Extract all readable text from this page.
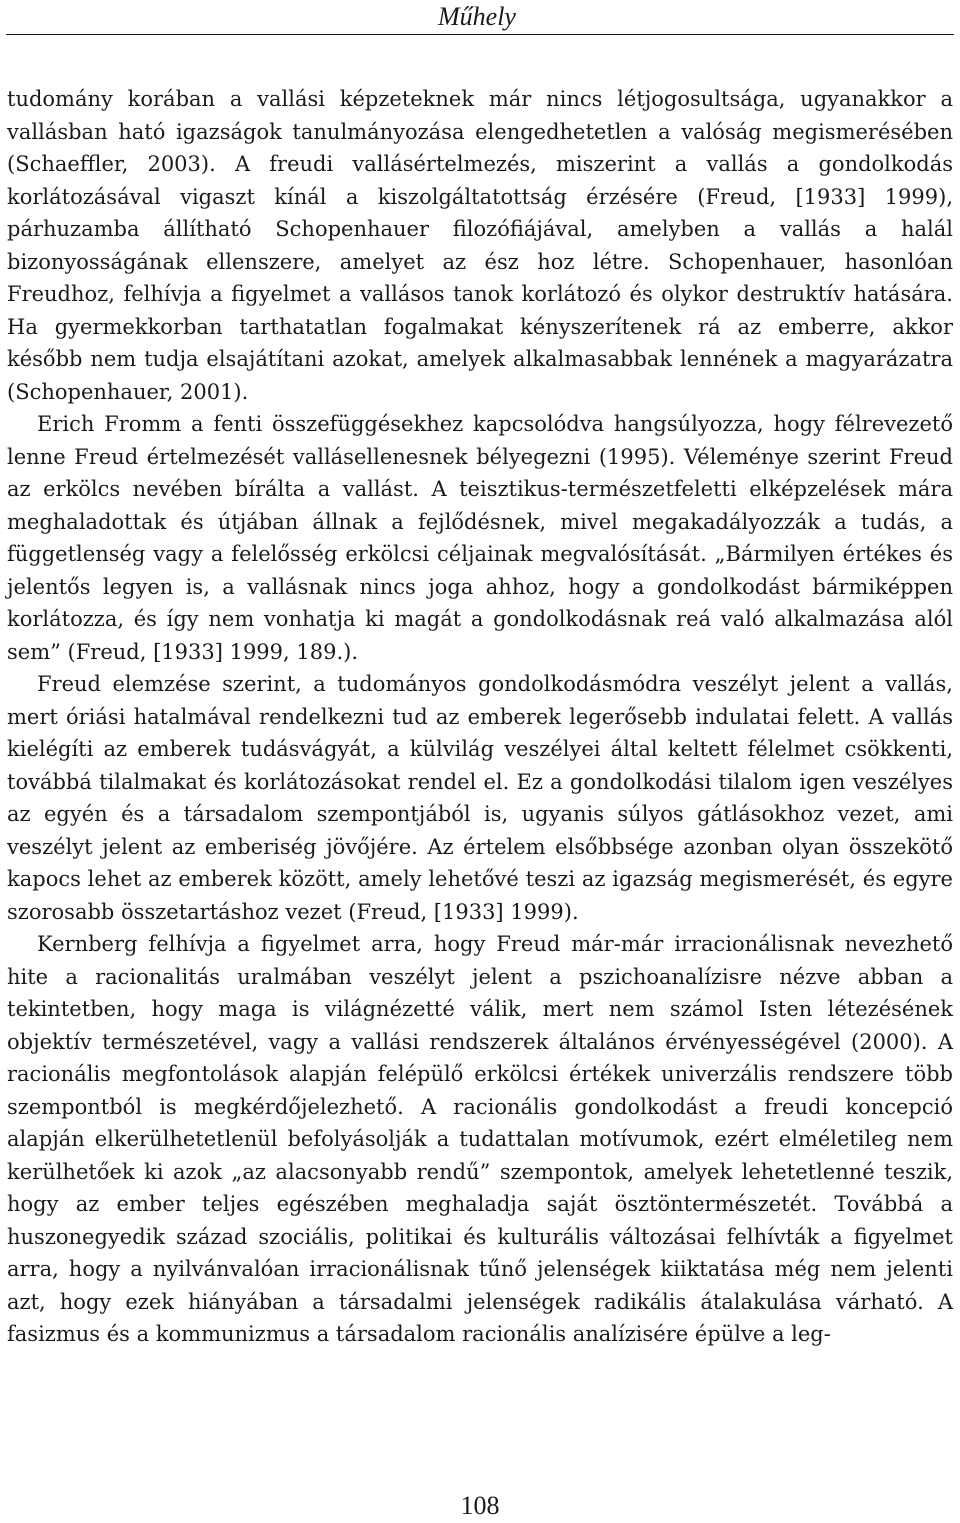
Műhely

tudomány korában a vallási képzeteknek már nincs létjogosultsága, ugyanakkor a vallásban ható igazságok tanulmányozása elengedhetetlen a valóság megismerésében (Schaeffler, 2003). A freudi vallásértelmezés, miszerint a vallás a gondolkodás korlátozásával vigaszt kínál a kiszolgáltatottság érzésére (Freud, [1933] 1999), párhuzamba állítható Schopenhauer filozófiájával, amelyben a vallás a halál bizonyosságának ellenszere, amelyet az ész hoz létre. Schopenhauer, hasonlóan Freudhoz, felhívja a figyelmet a vallásos tanok korlátozó és olykor destruktív hatására. Ha gyermekkorban tarthatatlan fogalmakat kényszerítenek rá az emberre, akkor később nem tudja elsajátítani azokat, amelyek alkalmasabbak lennének a magyarázatra (Schopenhauer, 2001).

Erich Fromm a fenti összefüggésekhez kapcsolódva hangsúlyozza, hogy félrevezető lenne Freud értelmezését vallásellenesnek bélyegezni (1995). Véleménye szerint Freud az erkölcs nevében bírálta a vallást. A teisztikus-természetfeletti elképzelések mára meghaladottak és útjában állnak a fejlődésnek, mivel megakadályozzák a tudás, a függetlenség vagy a felelősség erkölcsi céljainak megvalósítását. „Bármilyen értékes és jelentős legyen is, a vallásnak nincs joga ahhoz, hogy a gondolkodást bármiképpen korlátozza, és így nem vonhatja ki magát a gondolkodásnak reá való alkalmazása alól sem” (Freud, [1933] 1999, 189.).

Freud elemzése szerint, a tudományos gondolkodásmódra veszélyt jelent a vallás, mert óriási hatalmával rendelkezni tud az emberek legerősebb indulatai felett. A vallás kielégíti az emberek tudásvágyát, a külvilág veszélyei által keltett félelmet csökkenti, továbbá tilalmakat és korlátozásokat rendel el. Ez a gondolkodási tilalom igen veszélyes az egyén és a társadalom szempontjából is, ugyanis súlyos gátlásokhoz vezet, ami veszélyt jelent az emberiség jövőjére. Az értelem elsőbbsége azonban olyan összekötő kapocs lehet az emberek között, amely lehetővé teszi az igazság megismerését, és egyre szorosabb összetartáshoz vezet (Freud, [1933] 1999).

Kernberg felhívja a figyelmet arra, hogy Freud már-már irracionálisnak nevezhető hite a racionalitás uralmában veszélyt jelent a pszichoanalízisre nézve abban a tekintetben, hogy maga is világnézetté válik, mert nem számol Isten létezésének objektív természetével, vagy a vallási rendszerek általános érvényességével (2000). A racionális megfontolások alapján felépülő erkölcsi értékek univerzális rendszere több szempontból is megkérdőjelezhető. A racionális gondolkodást a freudi koncepció alapján elkerülhetetlenül befolyásolják a tudattalan motívumok, ezért elméletileg nem kerülhetőek ki azok „az alacsonyabb rendű” szempontok, amelyek lehetetlenné teszik, hogy az ember teljes egészében meghaladja saját ösztöntermészetét. Továbbá a huszonegyedik század szociális, politikai és kulturális változásai felhívták a figyelmet arra, hogy a nyilvánvalóan irracionálisnak tűnő jelenségek kiiktatása még nem jelenti azt, hogy ezek hiányában a társadalmi jelenségek radikális átalakulása várható. A fasizmus és a kommunizmus a társadalom racionális analízisére épülve a leg-

108
